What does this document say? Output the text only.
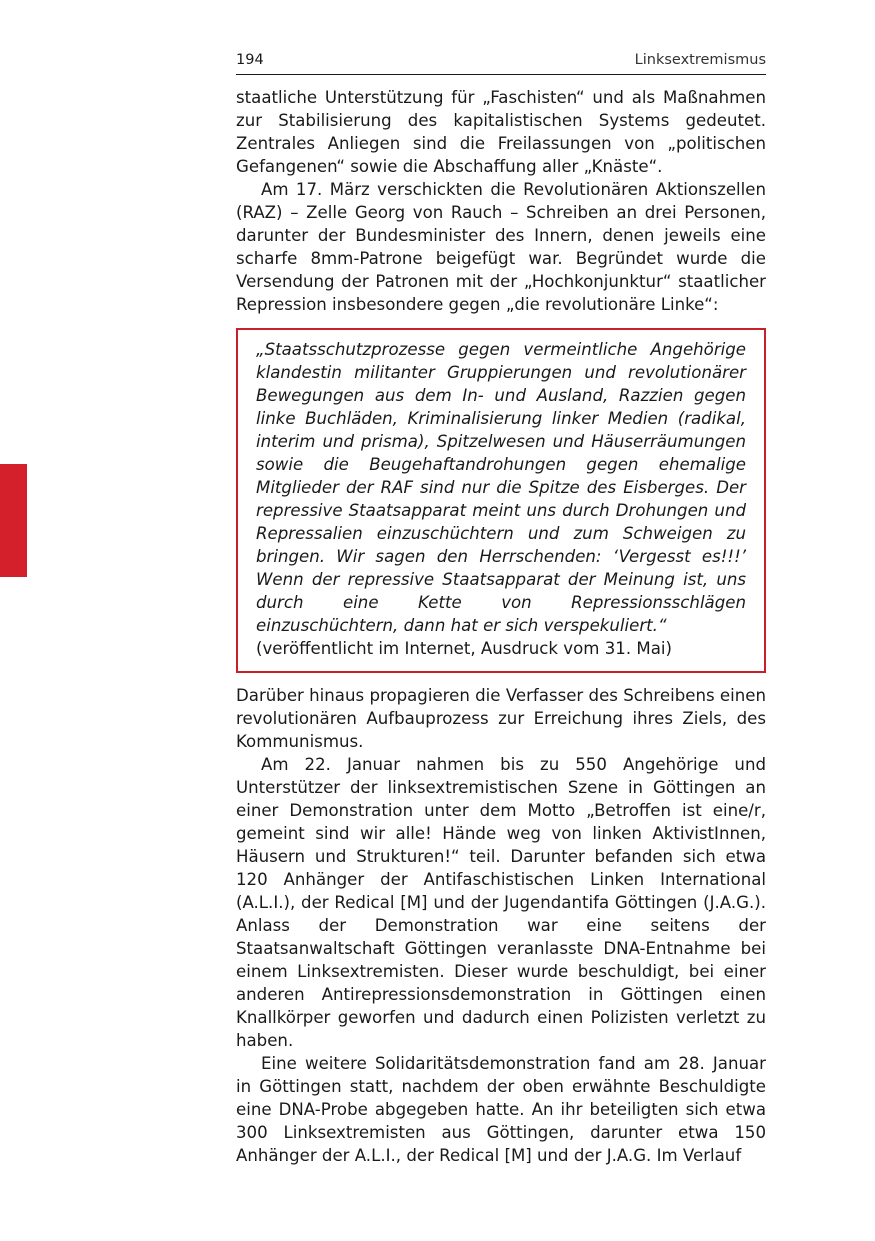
194	Linksextremismus

staatliche Unterstützung für „Faschisten“ und als Maßnahmen zur Stabilisierung des kapitalistischen Systems gedeutet. Zentrales Anliegen sind die Freilassungen von „politischen Gefangenen“ sowie die Abschaffung aller „Knäste“.

Am 17. März verschickten die Revolutionären Aktionszellen (RAZ) – Zelle Georg von Rauch – Schreiben an drei Personen, darunter der Bundesminister des Innern, denen jeweils eine scharfe 8mm-Patrone beigefügt war. Begründet wurde die Versendung der Patronen mit der „Hochkonjunktur“ staatlicher Repression insbesondere gegen „die revolutionäre Linke“:

„Staatsschutzprozesse gegen vermeintliche Angehörige klandestin militanter Gruppierungen und revolutionärer Bewegungen aus dem In- und Ausland, Razzien gegen linke Buchläden, Kriminalisierung linker Medien (radikal, interim und prisma), Spitzelwesen und Häuserräumungen sowie die Beugehaftandrohungen gegen ehemalige Mitglieder der RAF sind nur die Spitze des Eisberges. Der repressive Staatsapparat meint uns durch Drohungen und Repressalien einzuschüchtern und zum Schweigen zu bringen. Wir sagen den Herrschenden: ‘Vergesst es!!!’ Wenn der repressive Staatsapparat der Meinung ist, uns durch eine Kette von Repressionsschlägen einzuschüchtern, dann hat er sich verspekuliert.“

(veröffentlicht im Internet, Ausdruck vom 31. Mai)

Darüber hinaus propagieren die Verfasser des Schreibens einen revolutionären Aufbauprozess zur Erreichung ihres Ziels, des Kommunismus.

Am 22. Januar nahmen bis zu 550 Angehörige und Unterstützer der linksextremistischen Szene in Göttingen an einer Demonstration unter dem Motto „Betroffen ist eine/r, gemeint sind wir alle! Hände weg von linken AktivistInnen, Häusern und Strukturen!“ teil. Darunter befanden sich etwa 120 Anhänger der Antifaschistischen Linken International (A.L.I.), der Redical [M] und der Jugendantifa Göttingen (J.A.G.). Anlass der Demonstration war eine seitens der Staatsanwaltschaft Göttingen veranlasste DNA-Entnahme bei einem Linksextremisten. Dieser wurde beschuldigt, bei einer anderen Antirepressionsdemonstration in Göttingen einen Knallkörper geworfen und dadurch einen Polizisten verletzt zu haben.

Eine weitere Solidaritätsdemonstration fand am 28. Januar in Göttingen statt, nachdem der oben erwähnte Beschuldigte eine DNA-Probe abgegeben hatte. An ihr beteiligten sich etwa 300 Linksextremisten aus Göttingen, darunter etwa 150 Anhänger der A.L.I., der Redical [M] und der J.A.G. Im Verlauf
